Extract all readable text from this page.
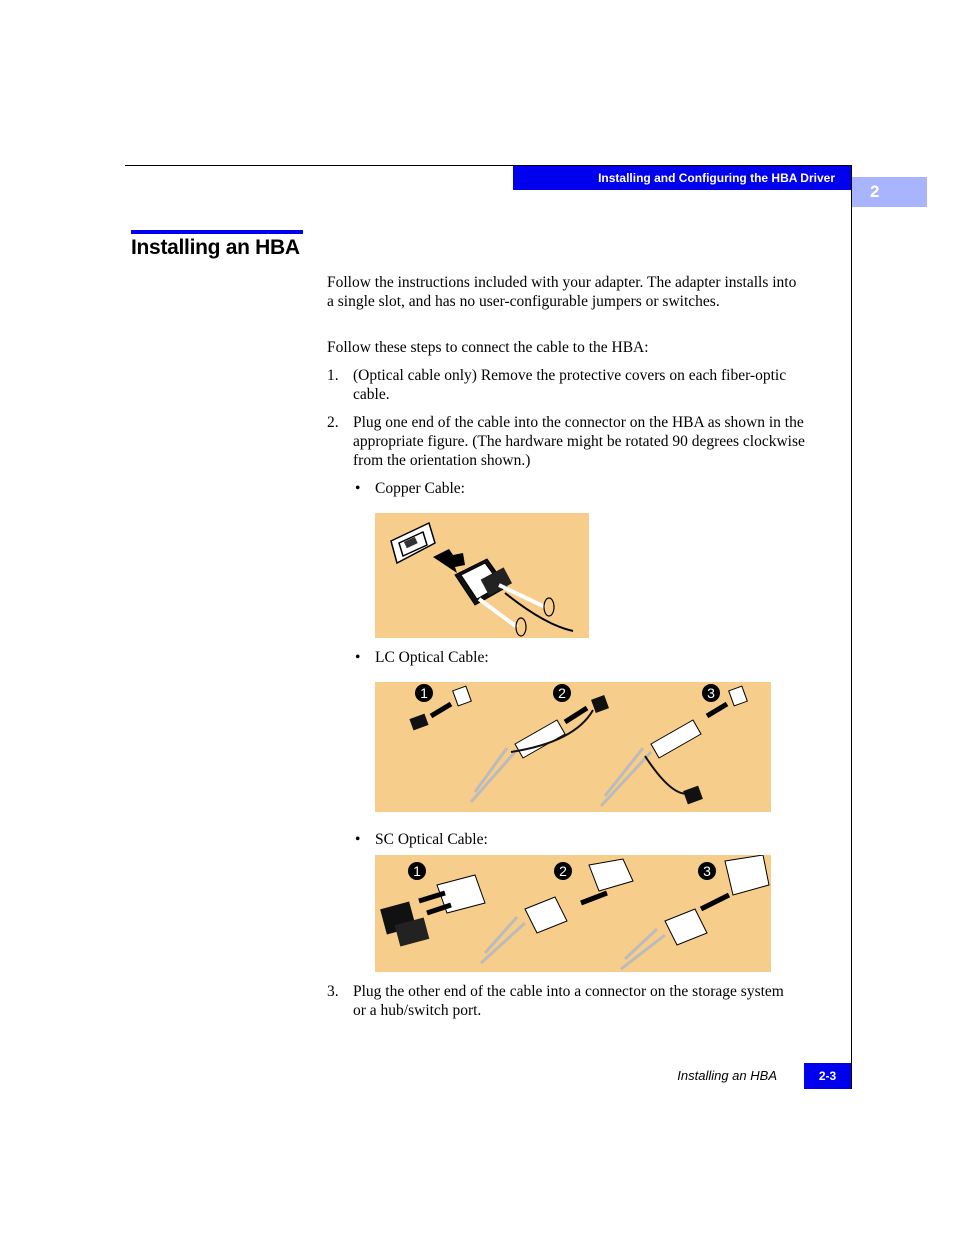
Installing and Configuring the HBA Driver
2
Installing an HBA

Follow the instructions included with your adapter. The adapter installs into a single slot, and has no user-configurable jumpers or switches.

Follow these steps to connect the cable to the HBA:

1. (Optical cable only) Remove the protective covers on each fiber-optic cable.

2. Plug one end of the cable into the connector on the HBA as shown in the appropriate figure. (The hardware might be rotated 90 degrees clockwise from the orientation shown.)

• Copper Cable:
• LC Optical Cable:
1	2	3
• SC Optical Cable:
1	2	3
3. Plug the other end of the cable into a connector on the storage system or a hub/switch port.

Installing an HBA	2-3
